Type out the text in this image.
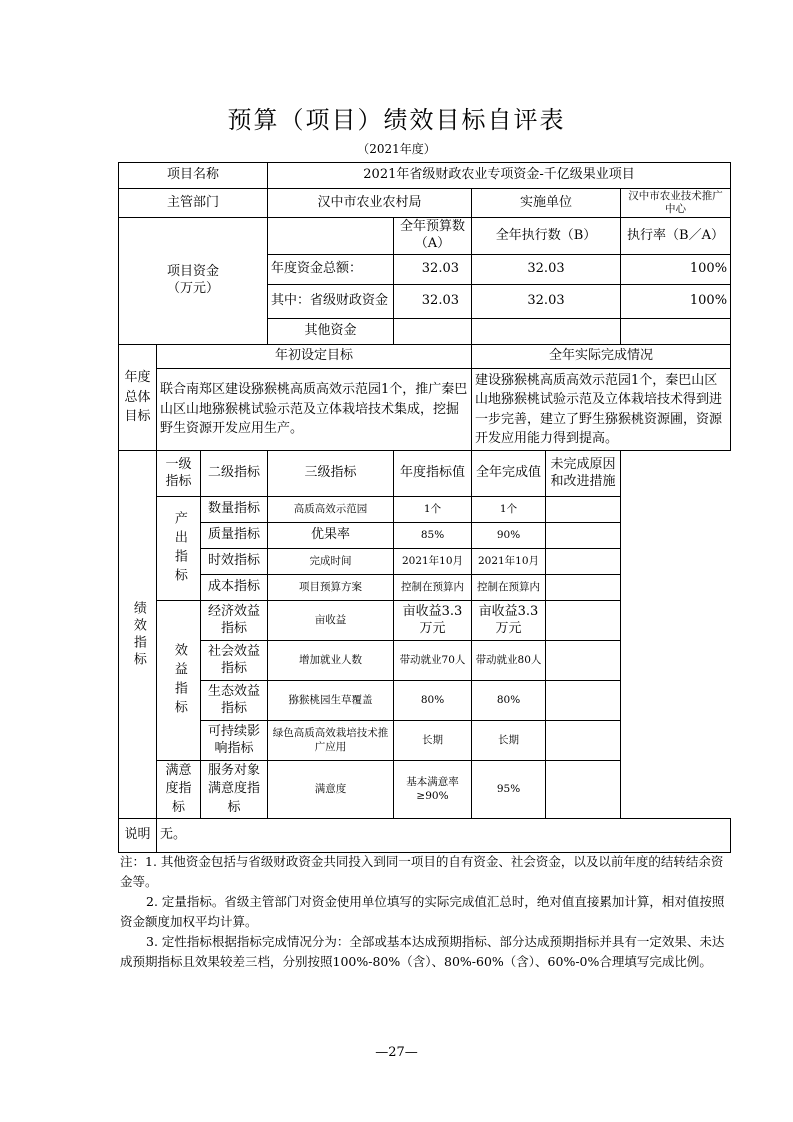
预算（项目）绩效目标自评表
（2021年度）
项目名称			2021年省级财政农业专项资金-千亿级果业项目				
主管部门			汉中市农业农村局		实施单位		汉中市农业技术推广中心

项目资金
（万元）				全年预算数（A）	全年执行数（B）		执行率（B／A）
			年度资金总额：	32.03	32.03		100%
			其中：省级财政资金	32.03	32.03		100%
			其他资金				
年度总体目标	年初设定目标				全年实际完成情况		
	联合南郑区建设猕猴桃高质高效示范园1个，推广秦巴山区山地猕猴桃试验示范及立体栽培技术集成，挖掘野生资源开发应用生产。				建设猕猴桃高质高效示范园1个，秦巴山区山地猕猴桃试验示范及立体栽培技术得到进一步完善，建立了野生猕猴桃资源圃，资源开发应用能力得到提高。		
绩效指标	一级指标	二级指标	三级指标	年度指标值	全年完成值	未完成原因和改进措施	
	产出指标	数量指标	高质高效示范园	1个	1个		
		质量指标	优果率	85%	90%		
		时效指标	完成时间	2021年10月	2021年10月		
		成本指标	项目预算方案	控制在预算内	控制在预算内		
	效益指标	经济效益指标	亩收益	亩收益3.3万元	亩收益3.3万元		
		社会效益指标	增加就业人数	带动就业70人	带动就业80人		
		生态效益指标	猕猴桃园生草覆盖	80%	80%		
		可持续影响指标	绿色高质高效栽培技术推广应用	长期	长期		
	满意度指标	服务对象满意度指标	满意度	基本满意率≥90%	95%		
说明	无。						

注：1. 其他资金包括与省级财政资金共同投入到同一项目的自有资金、社会资金，以及以前年度的结转结余资金等。

2. 定量指标。省级主管部门对资金使用单位填写的实际完成值汇总时，绝对值直接累加计算，相对值按照资金额度加权平均计算。

3. 定性指标根据指标完成情况分为：全部或基本达成预期指标、部分达成预期指标并具有一定效果、未达成预期指标且效果较差三档，分别按照100%-80%（含）、80%-60%（含）、60%-0%合理填写完成比例。

—27—
